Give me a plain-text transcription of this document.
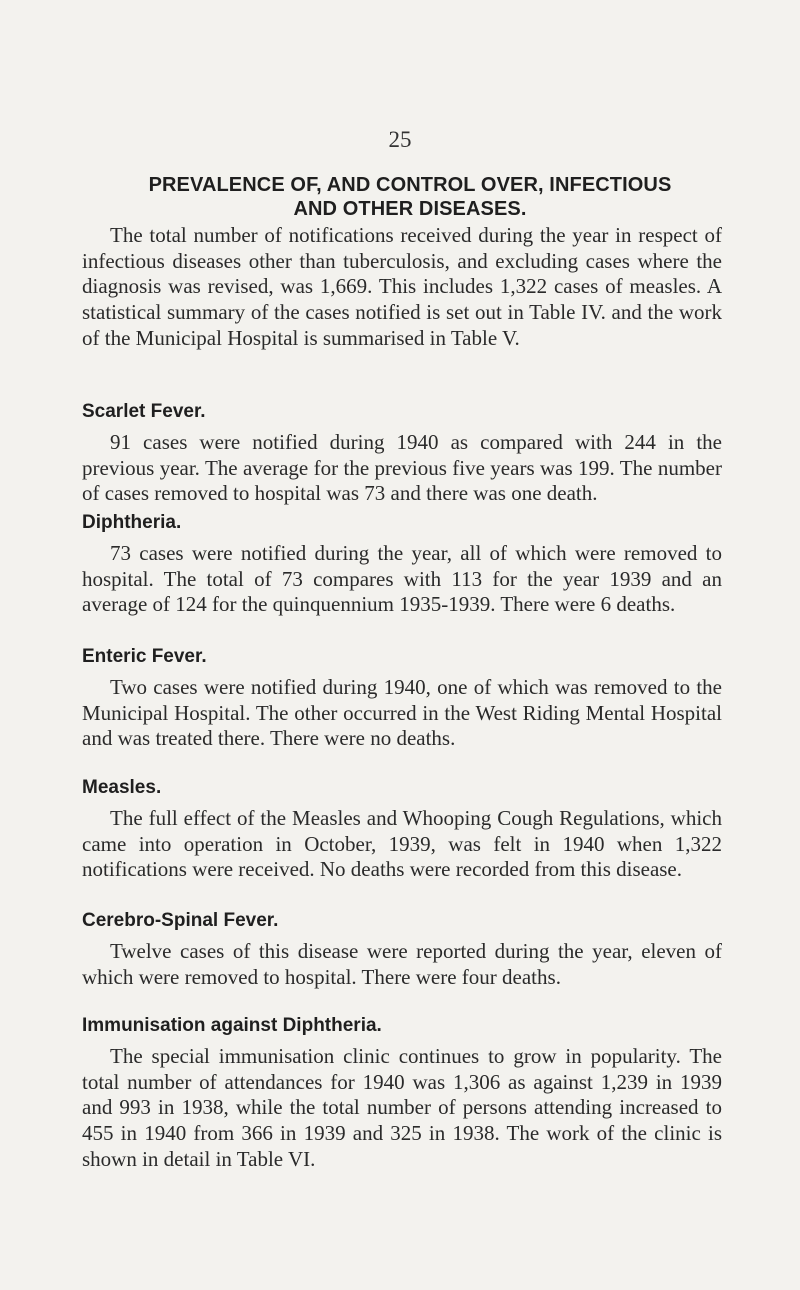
25
PREVALENCE OF, AND CONTROL OVER, INFECTIOUS
AND OTHER DISEASES.

The total number of notifications received during the year in respect of infectious diseases other than tuberculosis, and excluding cases where the diagnosis was revised, was 1,669. This includes 1,322 cases of measles. A statistical summary of the cases notified is set out in Table IV. and the work of the Municipal Hospital is summarised in Table V.

Scarlet Fever.

91 cases were notified during 1940 as compared with 244 in the previous year. The average for the previous five years was 199. The number of cases removed to hospital was 73 and there was one death.

Diphtheria.

73 cases were notified during the year, all of which were removed to hospital. The total of 73 compares with 113 for the year 1939 and an average of 124 for the quinquennium 1935-1939. There were 6 deaths.

Enteric Fever.

Two cases were notified during 1940, one of which was removed to the Municipal Hospital. The other occurred in the West Riding Mental Hospital and was treated there. There were no deaths.

Measles.

The full effect of the Measles and Whooping Cough Regulations, which came into operation in October, 1939, was felt in 1940 when 1,322 notifications were received. No deaths were recorded from this disease.

Cerebro-Spinal Fever.

Twelve cases of this disease were reported during the year, eleven of which were removed to hospital. There were four deaths.

Immunisation against Diphtheria.

The special immunisation clinic continues to grow in popularity. The total number of attendances for 1940 was 1,306 as against 1,239 in 1939 and 993 in 1938, while the total number of persons attending increased to 455 in 1940 from 366 in 1939 and 325 in 1938. The work of the clinic is shown in detail in Table VI.
